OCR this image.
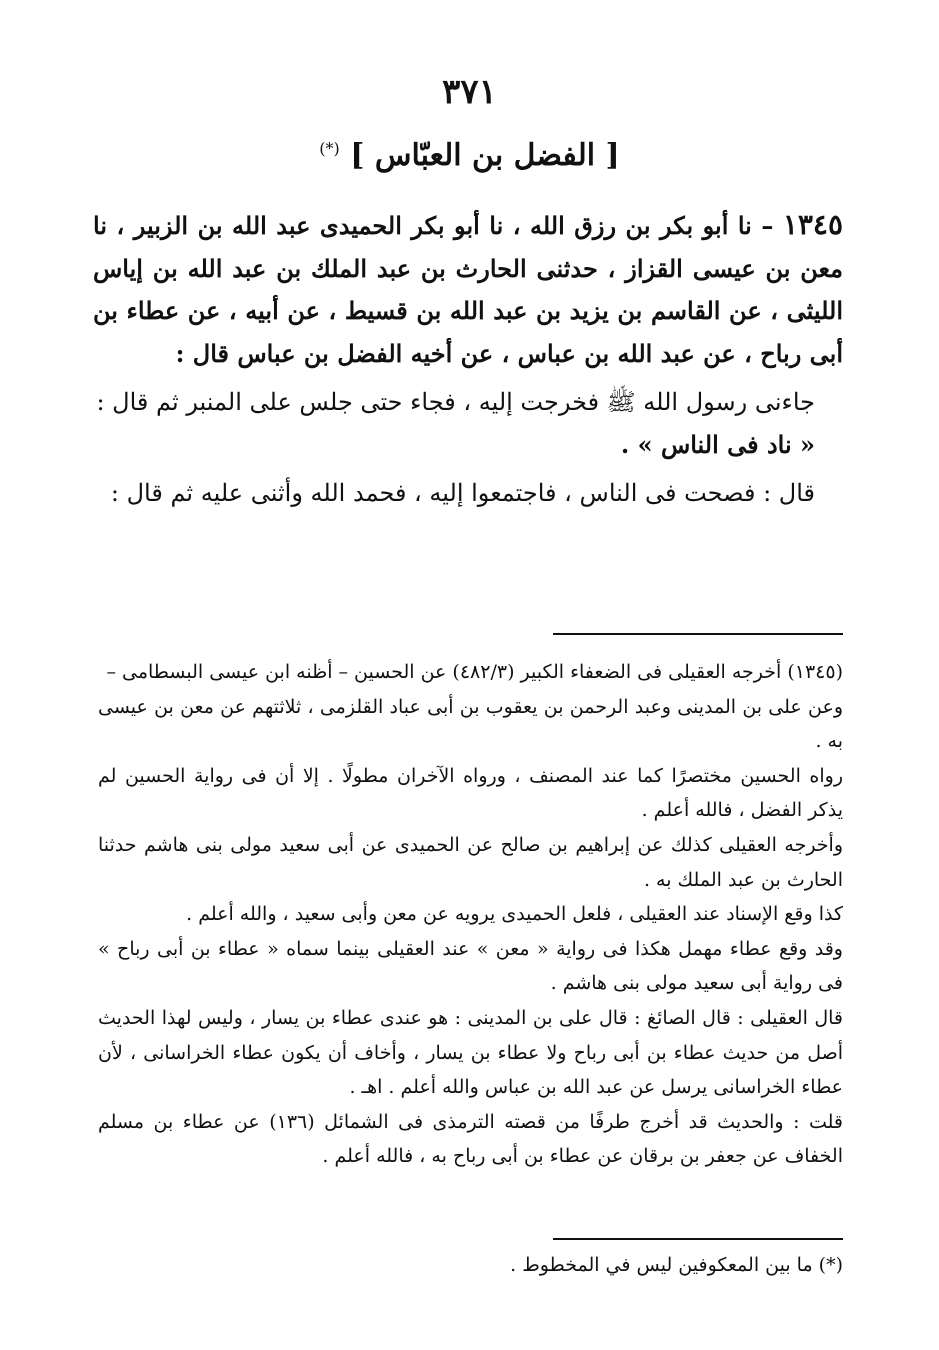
٣٧١
[ الفضل بن العبّاس ] (*)

١٣٤٥ – نا أبو بكر بن رزق الله ، نا أبو بكر الحميدى عبد الله بن الزبير ، نا معن بن عيسى القزاز ، حدثنى الحارث بن عبد الملك بن عبد الله بن إياس الليثى ، عن القاسم بن يزيد بن عبد الله بن قسيط ، عن أبيه ، عن عطاء بن أبى رباح ، عن عبد الله بن عباس ، عن أخيه الفضل بن عباس قال :

جاءنى رسول الله ﷺ فخرجت إليه ، فجاء حتى جلس على المنبر ثم قال :

« ناد فى الناس » .

قال : فصحت فى الناس ، فاجتمعوا إليه ، فحمد الله وأثنى عليه ثم قال :

(١٣٤٥) أخرجه العقيلى فى الضعفاء الكبير (٤٨٢/٣) عن الحسين – أظنه ابن عيسى البسطامى –

وعن على بن المدينى وعبد الرحمن بن يعقوب بن أبى عباد القلزمى ، ثلاثتهم عن معن بن عيسى به .

رواه الحسين مختصرًا كما عند المصنف ، ورواه الآخران مطولًا . إلا أن فى رواية الحسين لم يذكر الفضل ، فالله أعلم .

وأخرجه العقيلى كذلك عن إبراهيم بن صالح عن الحميدى عن أبى سعيد مولى بنى هاشم حدثنا الحارث بن عبد الملك به .

كذا وقع الإسناد عند العقيلى ، فلعل الحميدى يرويه عن معن وأبى سعيد ، والله أعلم .

وقد وقع عطاء مهمل هكذا فى رواية « معن » عند العقيلى بينما سماه « عطاء بن أبى رباح » فى رواية أبى سعيد مولى بنى هاشم .

قال العقيلى : قال الصائغ : قال على بن المدينى : هو عندى عطاء بن يسار ، وليس لهذا الحديث أصل من حديث عطاء بن أبى رباح ولا عطاء بن يسار ، وأخاف أن يكون عطاء الخراسانى ، لأن عطاء الخراسانى يرسل عن عبد الله بن عباس والله أعلم . اهـ .

قلت : والحديث قد أخرج طرفًا من قصته الترمذى فى الشمائل (١٣٦) عن عطاء بن مسلم الخفاف عن جعفر بن برقان عن عطاء بن أبى رباح به ، فالله أعلم .

(*) ما بين المعكوفين ليس في المخطوط .
